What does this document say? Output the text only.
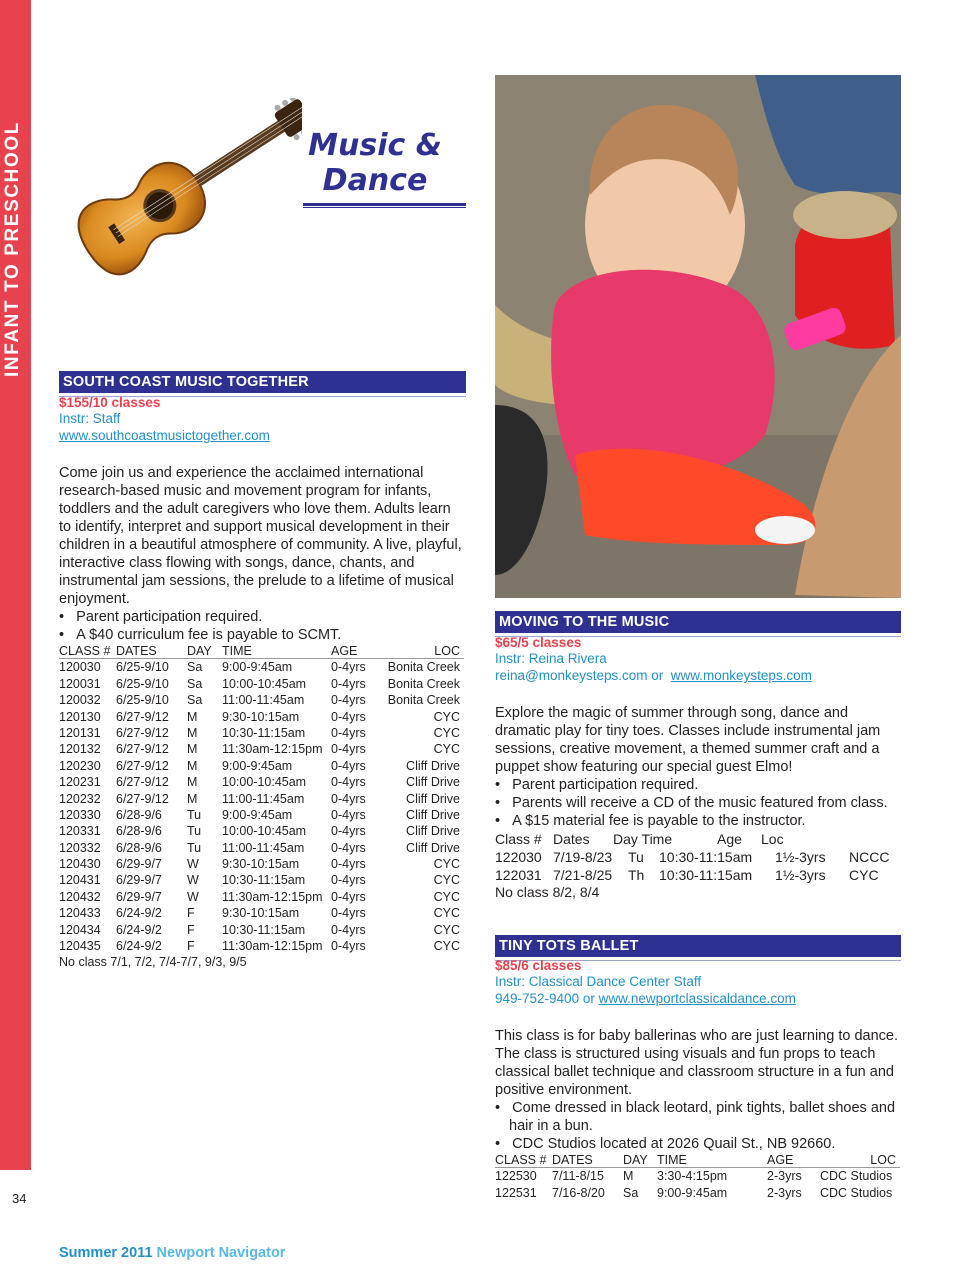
INFANT TO PRESCHOOL
34
Music &
Dance
SOUTH COAST MUSIC TOGETHER
$155/10 classes
Instr: Staff
www.southcoastmusictogether.com
Come join us and experience the acclaimed international research-based music and movement program for infants, toddlers and the adult caregivers who love them. Adults learn to identify, interpret and support musical development in their children in a beautiful atmosphere of community. A live, playful, interactive class flowing with songs, dance, chants, and instrumental jam sessions, the prelude to a lifetime of musical enjoyment.
•   Parent participation required.
•   A $40 curriculum fee is payable to SCMT.
CLASS # DATES DAY TIME	AGE	LOC
120030 6/25-9/10 Sa 9:00-9:45am	0-4yrs Bonita Creek
120031 6/25-9/10 Sa 10:00-10:45am 0-4yrs Bonita Creek
120032 6/25-9/10 Sa 11:00-11:45am 0-4yrs Bonita Creek
120130 6/27-9/12 M 9:30-10:15am	0-4yrs	CYC
120131 6/27-9/12 M 10:30-11:15am 0-4yrs	CYC
120132 6/27-9/12 M 11:30am-12:15pm 0-4yrs	CYC
120230 6/27-9/12 M 9:00-9:45am	0-4yrs	Cliff Drive
120231 6/27-9/12 M 10:00-10:45am 0-4yrs	Cliff Drive
120232 6/27-9/12 M 11:00-11:45am 0-4yrs	Cliff Drive
120330 6/28-9/6 Tu 9:00-9:45am	0-4yrs	Cliff Drive
120331 6/28-9/6 Tu 10:00-10:45am 0-4yrs	Cliff Drive
120332 6/28-9/6 Tu 11:00-11:45am 0-4yrs	Cliff Drive
120430 6/29-9/7 W 9:30-10:15am	0-4yrs	CYC
120431 6/29-9/7 W 10:30-11:15am 0-4yrs	CYC
120432 6/29-9/7 W 11:30am-12:15pm 0-4yrs	CYC
120433 6/24-9/2 F 9:30-10:15am	0-4yrs	CYC
120434 6/24-9/2 F 10:30-11:15am 0-4yrs	CYC
120435 6/24-9/2 F 11:30am-12:15pm 0-4yrs	CYC
No class 7/1, 7/2, 7/4-7/7, 9/3, 9/5
MOVING TO THE MUSIC
$65/5 classes
Instr: Reina Rivera
reina@monkeysteps.com or www.monkeysteps.com
Explore the magic of summer through song, dance and dramatic play for tiny toes. Classes include instrumental jam sessions, creative movement, a themed summer craft and a puppet show featuring our special guest Elmo!
•   Parent participation required.
•   Parents will receive a CD of the music featured from class.
•   A $15 material fee is payable to the instructor.
Class # Dates Day Time	Age Loc
122030 7/19-8/23 Tu 10:30-11:15am 1½-3yrs NCCC
122031 7/21-8/25 Th 10:30-11:15am 1½-3yrs CYC
No class 8/2, 8/4
TINY TOTS BALLET
$85/6 classes
Instr: Classical Dance Center Staff
949-752-9400 or www.newportclassicaldance.com
This class is for baby ballerinas who are just learning to dance. The class is structured using visuals and fun props to teach classical ballet technique and classroom structure in a fun and positive environment.
•   Come dressed in black leotard, pink tights, ballet shoes and hair in a bun.
•   CDC Studios located at 2026 Quail St., NB 92660.
CLASS # DATES DAY TIME	AGE	LOC
122530 7/11-8/15 M 3:30-4:15pm	2-3yrs CDC Studios
122531 7/16-8/20 Sa 9:00-9:45am	2-3yrs CDC Studios
Summer 2011 Newport Navigator
